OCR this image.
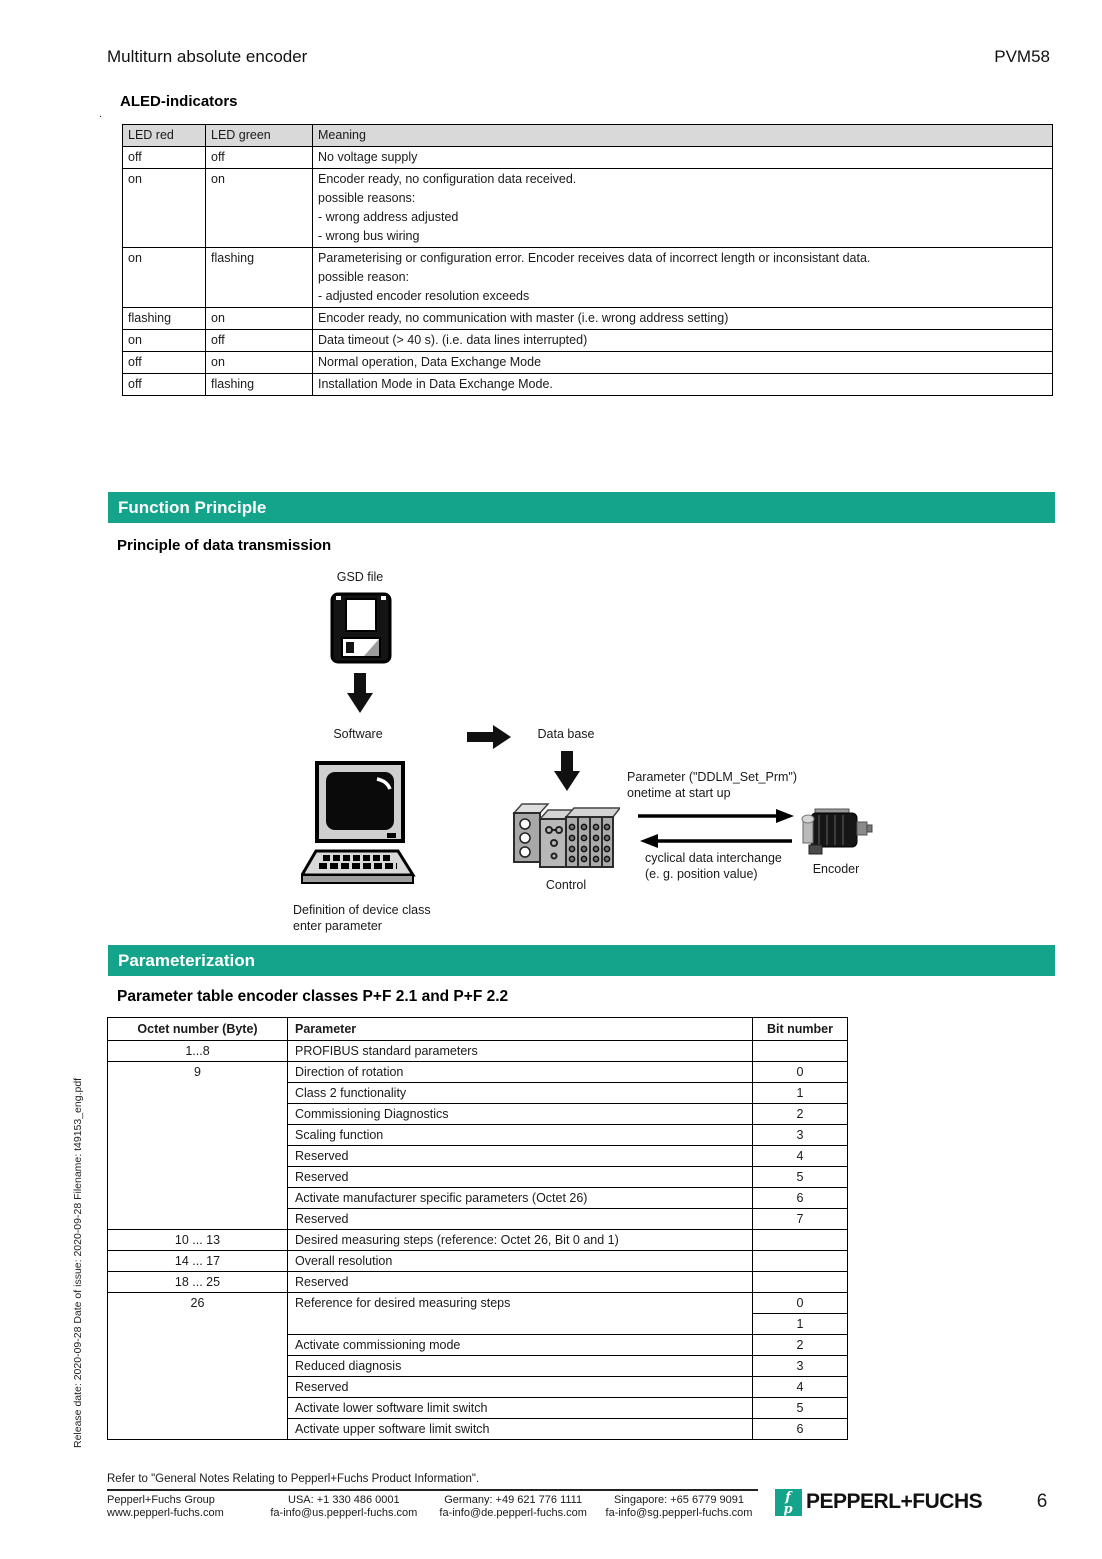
Multiturn absolute encoder	PVM58
.
ALED-indicators
LED red	LED green	Meaning
off	off	No voltage supply
on	on	Encoder ready, no configuration data received.
possible reasons:
- wrong address adjusted
- wrong bus wiring
on	flashing	Parameterising or configuration error. Encoder receives data of incorrect length or inconsistant data.
possible reason:
- adjusted encoder resolution exceeds
flashing	on	Encoder ready, no communication with master (i.e. wrong address setting)
on	off	Data timeout (> 40 s). (i.e. data lines interrupted)
off	on	Normal operation, Data Exchange Mode
off	flashing	Installation Mode in Data Exchange Mode.
Function Principle
Principle of data transmission
GSD file
Software	Data base
Definition of device class
enter parameter
Control
Parameter ("DDLM_Set_Prm")
onetime at start up
cyclical data interchange
(e. g. position value)	Encoder
Parameterization
Parameter table encoder classes P+F 2.1 and P+F 2.2
Octet number (Byte)	Parameter	Bit number
1...8	PROFIBUS standard parameters	
9	Direction of rotation	0
	Class 2 functionality	1
	Commissioning Diagnostics	2
	Scaling function	3
	Reserved	4
	Reserved	5
	Activate manufacturer specific parameters (Octet 26)	6
	Reserved	7
10 ... 13	Desired measuring steps (reference: Octet 26, Bit 0 and 1)	
14 ... 17	Overall resolution	
18 ... 25	Reserved	
26	Reference for desired measuring steps	0
		1
	Activate commissioning mode	2
	Reduced diagnosis	3
	Reserved	4
	Activate lower software limit switch	5
	Activate upper software limit switch	6
Release date: 2020-09-28 Date of issue: 2020-09-28 Filename: t49153_eng.pdf
Refer to "General Notes Relating to Pepperl+Fuchs Product Information".
Pepperl+Fuchs Group
www.pepperl-fuchs.com
USA: +1 330 486 0001
fa-info@us.pepperl-fuchs.com
Germany: +49 621 776 1111
fa-info@de.pepperl-fuchs.com
Singapore: +65 6779 9091
fa-info@sg.pepperl-fuchs.com
f
p PEPPERL+FUCHS	6
